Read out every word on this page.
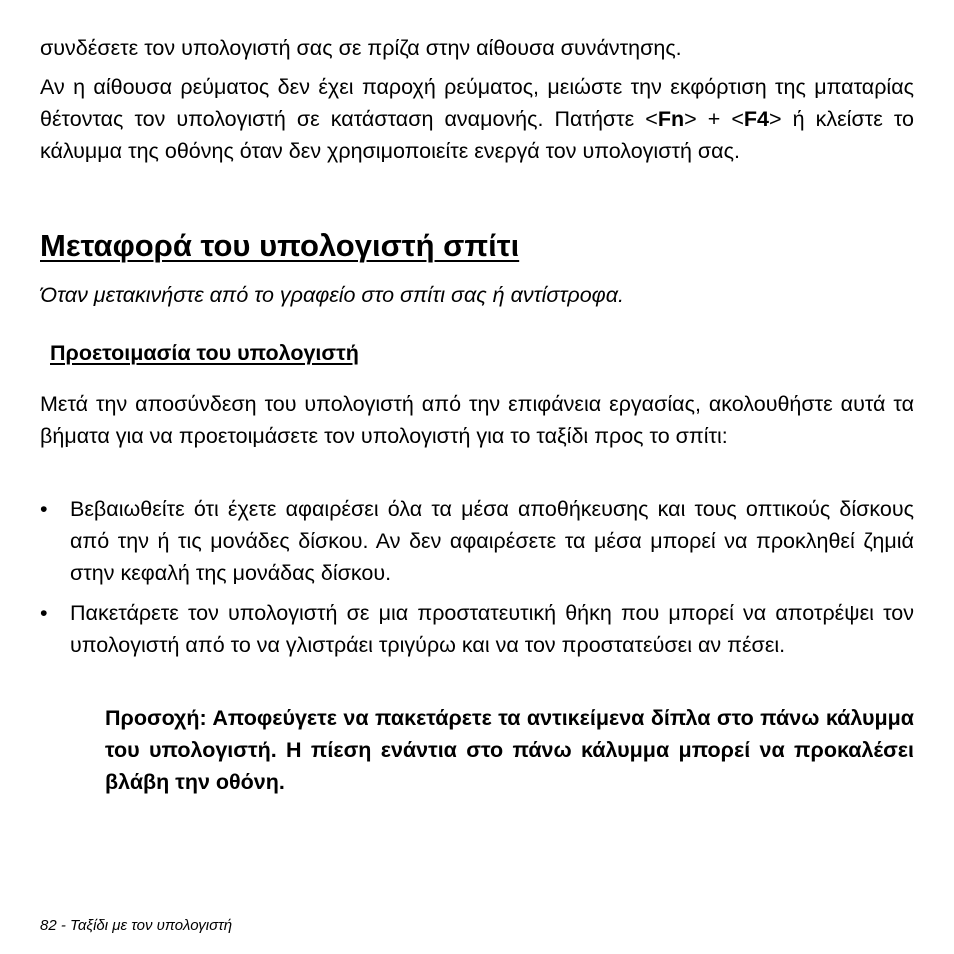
συνδέσετε τον υπολογιστή σας σε πρίζα στην αίθουσα συνάντησης.

Αν η αίθουσα ρεύματος δεν έχει παροχή ρεύματος, μειώστε την εκφόρτιση της μπαταρίας θέτοντας τον υπολογιστή σε κατάσταση αναμονής. Πατήστε <Fn> + <F4> ή κλείστε το κάλυμμα της οθόνης όταν δεν χρησιμοποιείτε ενεργά τον υπολογιστή σας.

Μεταφορά του υπολογιστή σπίτι

Όταν μετακινήστε από το γραφείο στο σπίτι σας ή αντίστροφα.

Προετοιμασία του υπολογιστή

Μετά την αποσύνδεση του υπολογιστή από την επιφάνεια εργασίας, ακολουθήστε αυτά τα βήματα για να προετοιμάσετε τον υπολογιστή για το ταξίδι προς το σπίτι:

•	Βεβαιωθείτε ότι έχετε αφαιρέσει όλα τα μέσα αποθήκευσης και τους οπτικούς δίσκους από την ή τις μονάδες δίσκου. Αν δεν αφαιρέσετε τα μέσα μπορεί να προκληθεί ζημιά στην κεφαλή της μονάδας δίσκου.

•	Πακετάρετε τον υπολογιστή σε μια προστατευτική θήκη που μπορεί να αποτρέψει τον υπολογιστή από το να γλιστράει τριγύρω και να τον προστατεύσει αν πέσει.

Προσοχή: Αποφεύγετε να πακετάρετε τα αντικείμενα δίπλα στο πάνω κάλυμμα του υπολογιστή. Η πίεση ενάντια στο πάνω κάλυμμα μπορεί να προκαλέσει βλάβη την οθόνη.

82 - Ταξίδι με τον υπολογιστή
